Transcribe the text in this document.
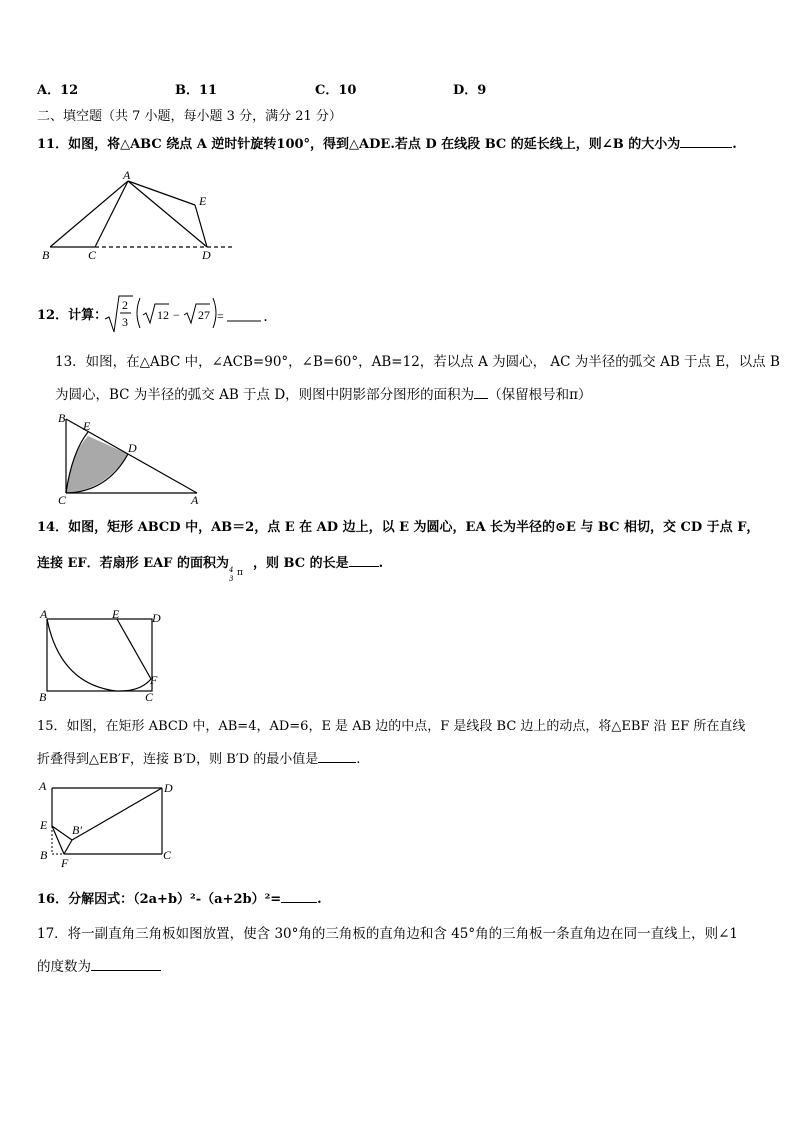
A．12	B．11	C．10	D．9
二、填空题（共 7 小题，每小题 3 分，满分 21 分）
11．如图，将△ABC 绕点 A 逆时针旋转100°，得到△ADE.若点 D 在线段 BC 的延长线上，则∠B 的大小为	.
A
B	C	D
E
12．计算：
2
3 12 − 27 =	.
13．如图，在△ABC 中，∠ACB=90°，∠B=60°，AB=12，若以点 A 为圆心， AC 为半径的弧交 AB 于点 E，以点 B
为圆心，BC 为半径的弧交 AB 于点 D，则图中阴影部分图形的面积为 （保留根号和π）
B
E
D
C	A
14．如图，矩形 ABCD 中，AB＝2，点 E 在 AD 边上，以 E 为圆心，EA 长为半径的⊙E 与 BC 相切，交 CD 于点 F，
连接 EF．若扇形 EAF 的面积为 4
3
π
，则 BC 的长是 .
A	E	D
F
B	C
15．如图，在矩形 ABCD 中，AB=4，AD=6，E 是 AB 边的中点，F 是线段 BC 边上的动点，将△EBF 沿 EF 所在直线
折叠得到△EB′F，连接 B′D，则 B′D 的最小值是	.
A	D
E B′
B
F
C
16．分解因式：（2a+b）²-（a+2b）²=	.
17．将一副直角三角板如图放置，使含 30°角的三角板的直角边和含 45°角的三角板一条直角边在同一直线上，则∠1
的度数为
